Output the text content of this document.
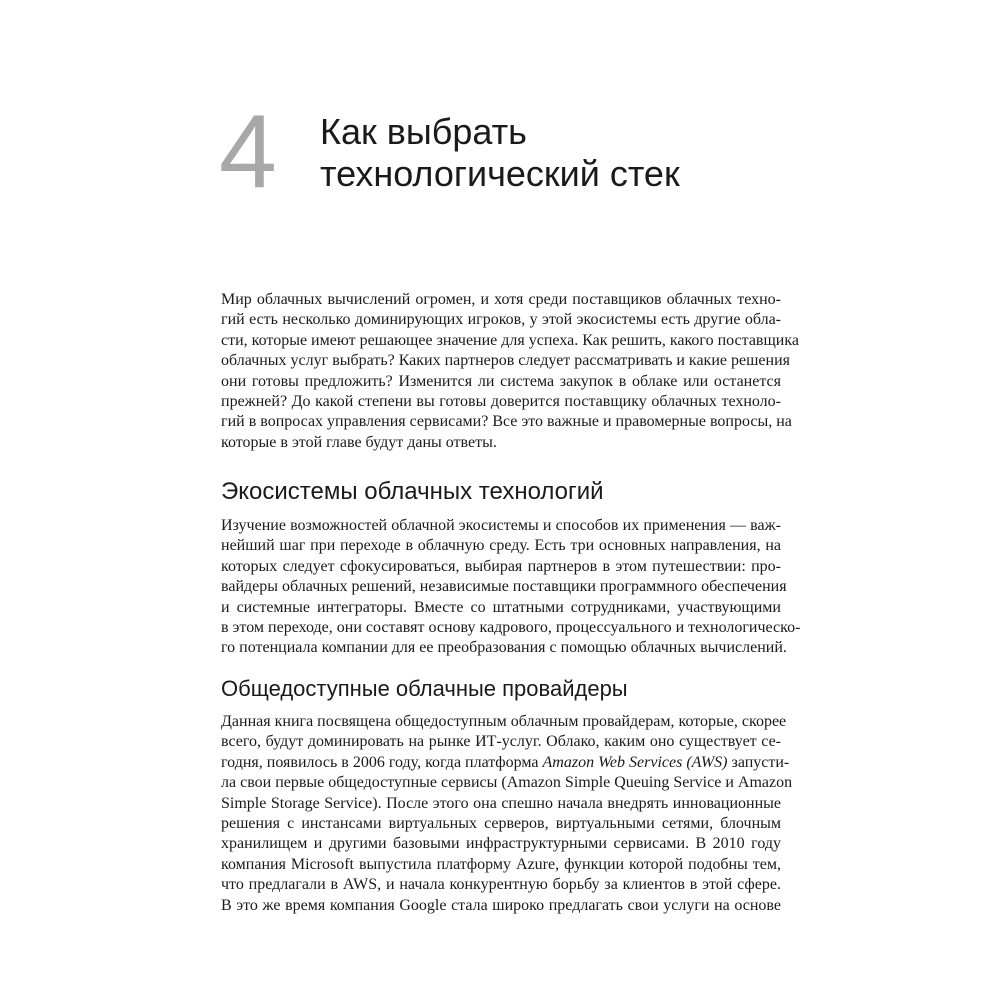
4 Как выбрать
технологический стек

Мир облачных вычислений огромен, и хотя среди поставщиков облачных техно-
гий есть несколько доминирующих игроков, у этой экосистемы есть другие обла-
сти, которые имеют решающее значение для успеха. Как решить, какого поставщика
облачных услуг выбрать? Каких партнеров следует рассматривать и какие решения
они готовы предложить? Изменится ли система закупок в облаке или останется
прежней? До какой степени вы готовы доверится поставщику облачных техноло-
гий в вопросах управления сервисами? Все это важные и правомерные вопросы, на
которые в этой главе будут даны ответы.

Экосистемы облачных технологий

Изучение возможностей облачной экосистемы и способов их применения — важ-
нейший шаг при переходе в облачную среду. Есть три основных направления, на
которых следует сфокусироваться, выбирая партнеров в этом путешествии: про-
вайдеры облачных решений, независимые поставщики программного обеспечения
и системные интеграторы. Вместе со штатными сотрудниками, участвующими
в этом переходе, они составят основу кадрового, процессуального и технологическо-
го потенциала компании для ее преобразования с помощью облачных вычислений.

Общедоступные облачные провайдеры

Данная книга посвящена общедоступным облачным провайдерам, которые, скорее
всего, будут доминировать на рынке ИТ-услуг. Облако, каким оно существует се-
годня, появилось в 2006 году, когда платформа Amazon Web Services (AWS) запусти-
ла свои первые общедоступные сервисы (Amazon Simple Queuing Service и Amazon
Simple Storage Service). После этого она спешно начала внедрять инновационные
решения с инстансами виртуальных серверов, виртуальными сетями, блочным
хранилищем и другими базовыми инфраструктурными сервисами. В 2010 году
компания Microsoft выпустила платформу Azure, функции которой подобны тем,
что предлагали в AWS, и начала конкурентную борьбу за клиентов в этой сфере.
В это же время компания Google стала широко предлагать свои услуги на основе
